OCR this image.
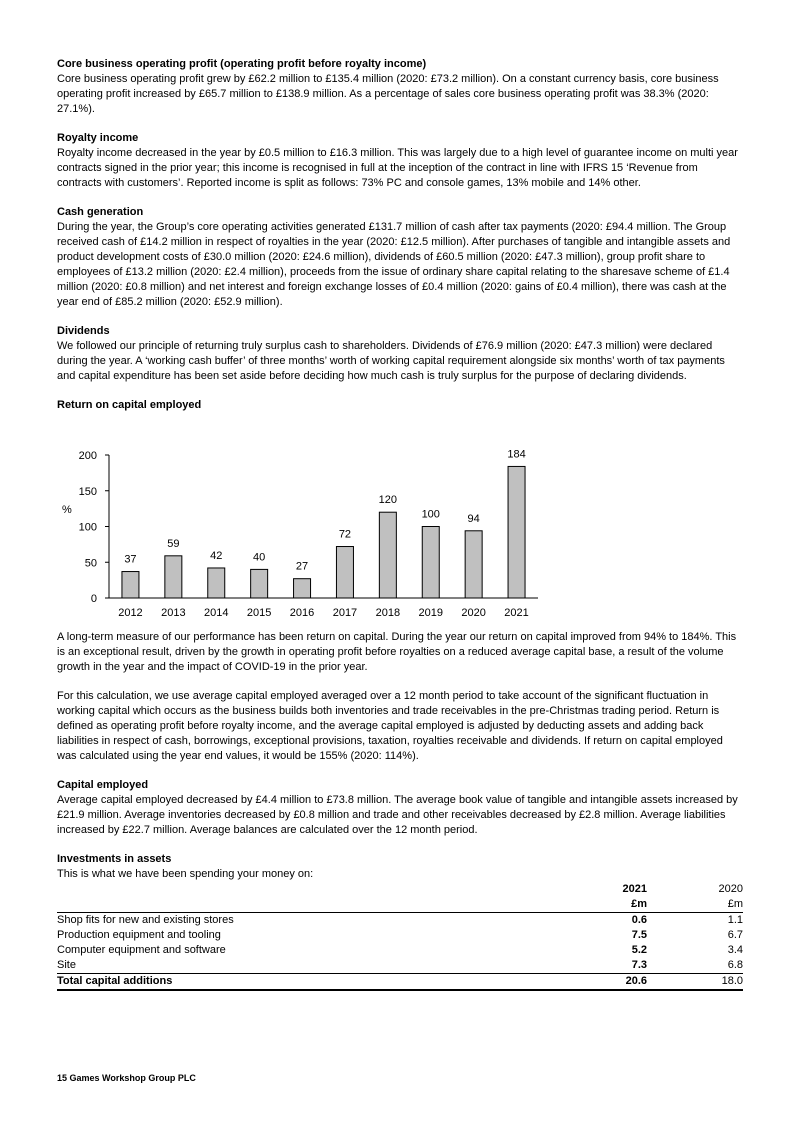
Core business operating profit (operating profit before royalty income)

Core business operating profit grew by £62.2 million to £135.4 million (2020: £73.2 million). On a constant currency basis, core business operating profit increased by £65.7 million to £138.9 million. As a percentage of sales core business operating profit was 38.3% (2020: 27.1%).

Royalty income

Royalty income decreased in the year by £0.5 million to £16.3 million. This was largely due to a high level of guarantee income on multi year contracts signed in the prior year; this income is recognised in full at the inception of the contract in line with IFRS 15 ‘Revenue from contracts with customers’. Reported income is split as follows: 73% PC and console games, 13% mobile and 14% other.

Cash generation

During the year, the Group’s core operating activities generated £131.7 million of cash after tax payments (2020: £94.4 million. The Group received cash of £14.2 million in respect of royalties in the year (2020: £12.5 million). After purchases of tangible and intangible assets and product development costs of £30.0 million (2020: £24.6 million), dividends of £60.5 million (2020: £47.3 million), group profit share to employees of £13.2 million (2020: £2.4 million), proceeds from the issue of ordinary share capital relating to the sharesave scheme of £1.4 million (2020: £0.8 million) and net interest and foreign exchange losses of £0.4 million (2020: gains of £0.4 million), there was cash at the year end of £85.2 million (2020: £52.9 million).

Dividends

We followed our principle of returning truly surplus cash to shareholders. Dividends of £76.9 million (2020: £47.3 million) were declared during the year. A ‘working cash buffer’ of three months’ worth of working capital requirement alongside six months’ worth of tax payments and capital expenditure has been set aside before deciding how much cash is truly surplus for the purpose of declaring dividends.

Return on capital employed

0
50
100
150
200
%
37
2012
59
2013
42
2014
40
2015
27
2016
72
2017
120
2018
100
2019
94
2020
184
2021

A long-term measure of our performance has been return on capital. During the year our return on capital improved from 94% to 184%. This is an exceptional result, driven by the growth in operating profit before royalties on a reduced average capital base, a result of the volume growth in the year and the impact of COVID-19 in the prior year.

For this calculation, we use average capital employed averaged over a 12 month period to take account of the significant fluctuation in working capital which occurs as the business builds both inventories and trade receivables in the pre-Christmas trading period. Return is defined as operating profit before royalty income, and the average capital employed is adjusted by deducting assets and adding back liabilities in respect of cash, borrowings, exceptional provisions, taxation, royalties receivable and dividends. If return on capital employed was calculated using the year end values, it would be 155% (2020: 114%).

Capital employed

Average capital employed decreased by £4.4 million to £73.8 million. The average book value of tangible and intangible assets increased by £21.9 million. Average inventories decreased by £0.8 million and trade and other receivables decreased by £2.8 million. Average liabilities increased by £22.7 million. Average balances are calculated over the 12 month period.

Investments in assets

This is what we have been spending your money on:

	2021	2020
	£m	£m
Shop fits for new and existing stores	0.6	1.1
Production equipment and tooling	7.5	6.7
Computer equipment and software	5.2	3.4
Site	7.3	6.8
Total capital additions	20.6	18.0
15 Games Workshop Group PLC
